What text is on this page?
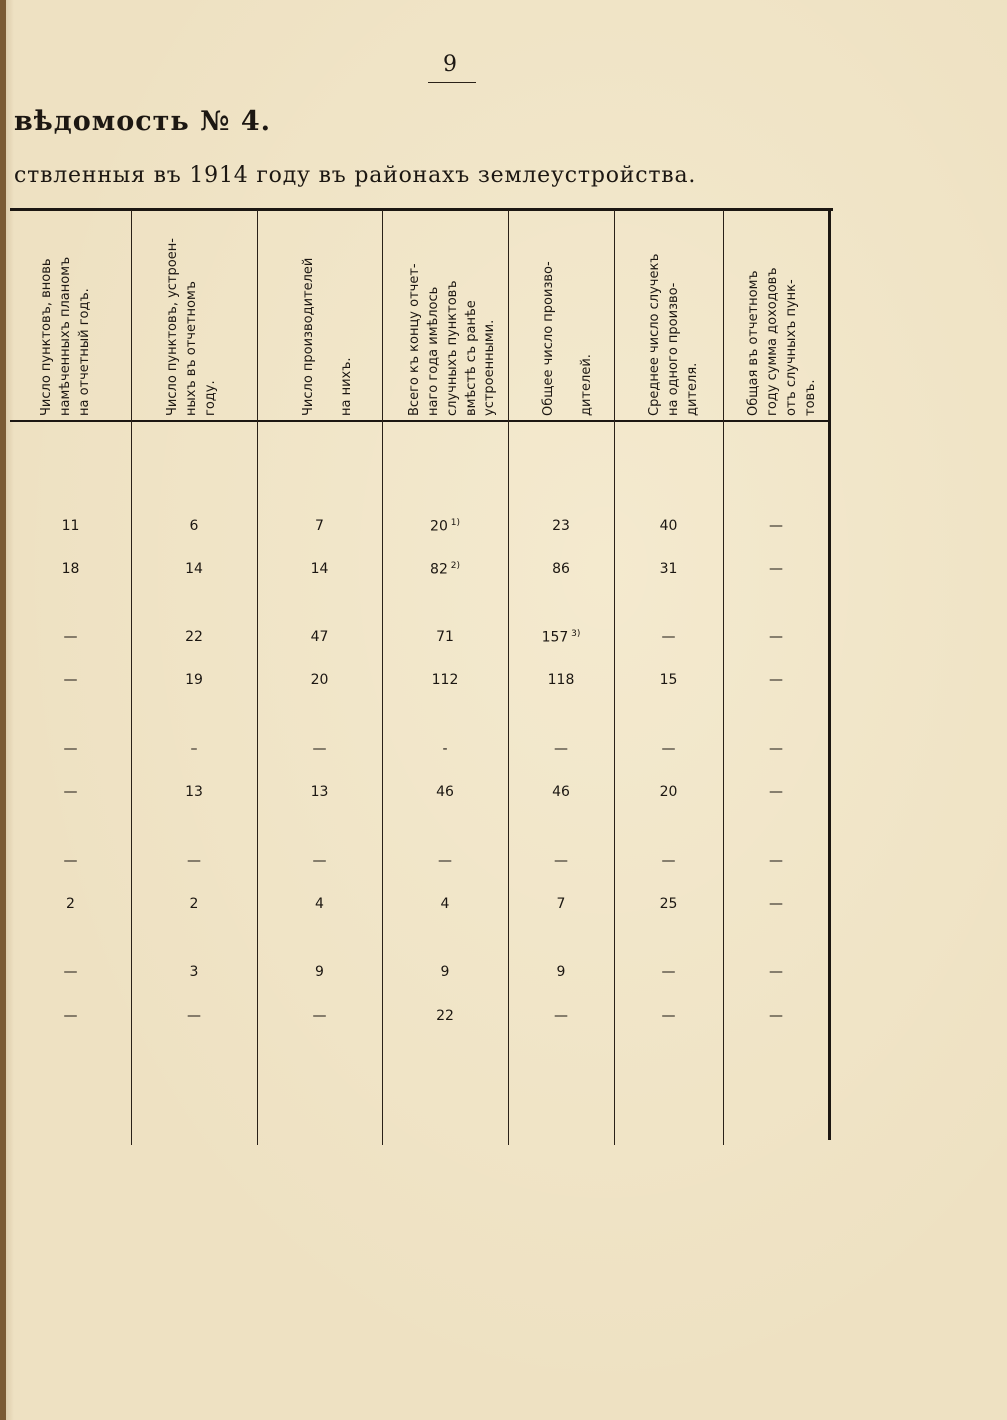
9
вѣдомость № 4.
ствленныя въ 1914 году въ районахъ землеустройства.
11	6	7	20 $^{1)}$	23	40	—
18	14	14	82 $^{2)}$	86	31	—
—	22	47	71	157 $^{3)}$	—	—
—	19	20	112	118	15	—
—	–	—	-	—	—	—
—	13	13	46	46	20	—
—	—	—	—	—	—	—
2	2	4	4	7	25	—
—	3	9	9	9	—	—
—	—	—	22	—	—	—
